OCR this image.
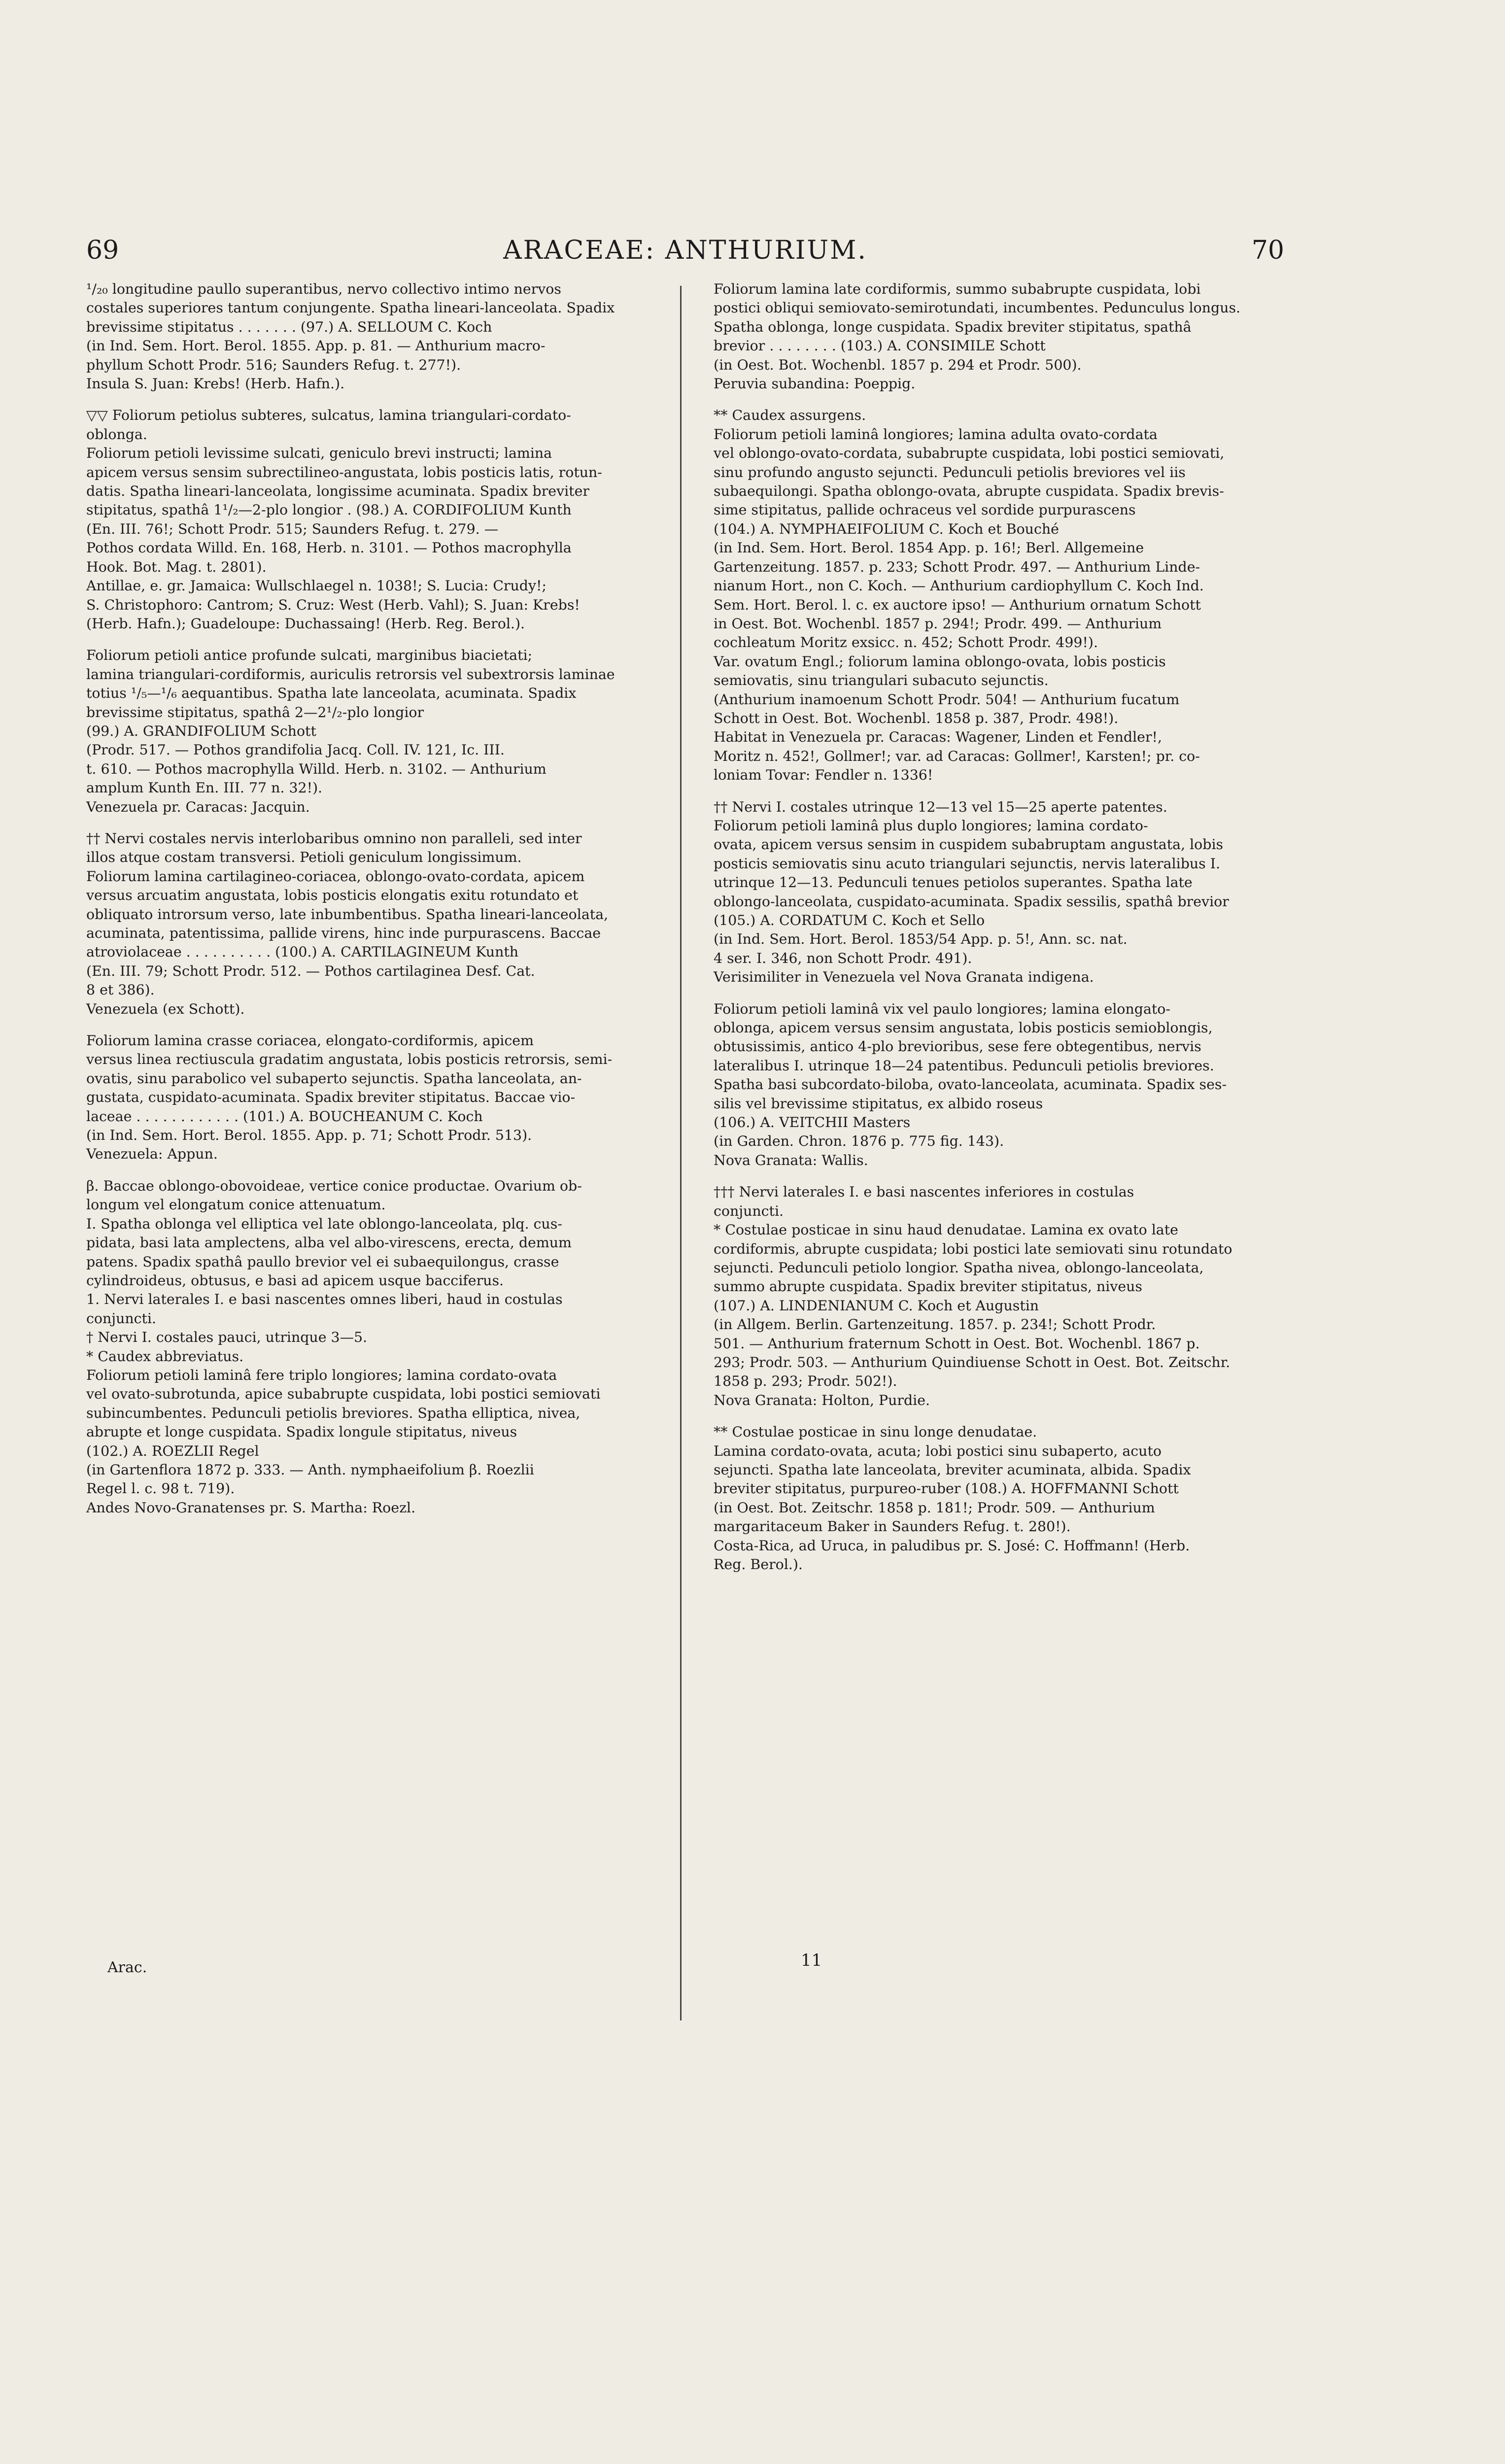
69	ARACEAE: ANTHURIUM.	70
¹/₂₀ longitudine paullo superantibus, nervo collectivo intimo nervos
costales superiores tantum conjungente. Spatha lineari-lanceolata. Spadix
brevissime stipitatus . . . . . . . (97.) A. SELLOUM C. Koch
(in Ind. Sem. Hort. Berol. 1855. App. p. 81. — Anthurium macro-
phyllum Schott Prodr. 516; Saunders Refug. t. 277!).
Insula S. Juan: Krebs! (Herb. Hafn.).
▽▽ Foliorum petiolus subteres, sulcatus, lamina triangulari-cordato-
oblonga.
Foliorum petioli levissime sulcati, geniculo brevi instructi; lamina
apicem versus sensim subrectilineo-angustata, lobis posticis latis, rotun-
datis. Spatha lineari-lanceolata, longissime acuminata. Spadix breviter
stipitatus, spathâ 1¹/₂—2-plo longior . (98.) A. CORDIFOLIUM Kunth
(En. III. 76!; Schott Prodr. 515; Saunders Refug. t. 279. —
Pothos cordata Willd. En. 168, Herb. n. 3101. — Pothos macrophylla
Hook. Bot. Mag. t. 2801).
Antillae, e. gr. Jamaica: Wullschlaegel n. 1038!; S. Lucia: Crudy!;
S. Christophoro: Cantrom; S. Cruz: West (Herb. Vahl); S. Juan: Krebs!
(Herb. Hafn.); Guadeloupe: Duchassaing! (Herb. Reg. Berol.).
Foliorum petioli antice profunde sulcati, marginibus biacietati;
lamina triangulari-cordiformis, auriculis retrorsis vel subextrorsis laminae
totius ¹/₅—¹/₆ aequantibus. Spatha late lanceolata, acuminata. Spadix
brevissime stipitatus, spathâ 2—2¹/₂-plo longior
(99.) A. GRANDIFOLIUM Schott
(Prodr. 517. — Pothos grandifolia Jacq. Coll. IV. 121, Ic. III.
t. 610. — Pothos macrophylla Willd. Herb. n. 3102. — Anthurium
amplum Kunth En. III. 77 n. 32!).
Venezuela pr. Caracas: Jacquin.
†† Nervi costales nervis interlobaribus omnino non paralleli, sed inter
illos atque costam transversi. Petioli geniculum longissimum.
Foliorum lamina cartilagineo-coriacea, oblongo-ovato-cordata, apicem
versus arcuatim angustata, lobis posticis elongatis exitu rotundato et
obliquato introrsum verso, late inbumbentibus. Spatha lineari-lanceolata,
acuminata, patentissima, pallide virens, hinc inde purpurascens. Baccae
atroviolaceae . . . . . . . . . . (100.) A. CARTILAGINEUM Kunth
(En. III. 79; Schott Prodr. 512. — Pothos cartilaginea Desf. Cat.
8 et 386).
Venezuela (ex Schott).
Foliorum lamina crasse coriacea, elongato-cordiformis, apicem
versus linea rectiuscula gradatim angustata, lobis posticis retrorsis, semi-
ovatis, sinu parabolico vel subaperto sejunctis. Spatha lanceolata, an-
gustata, cuspidato-acuminata. Spadix breviter stipitatus. Baccae vio-
laceae . . . . . . . . . . . . (101.) A. BOUCHEANUM C. Koch
(in Ind. Sem. Hort. Berol. 1855. App. p. 71; Schott Prodr. 513).
Venezuela: Appun.
β. Baccae oblongo-obovoideae, vertice conice productae. Ovarium ob-
longum vel elongatum conice attenuatum.
I. Spatha oblonga vel elliptica vel late oblongo-lanceolata, plq. cus-
pidata, basi lata amplectens, alba vel albo-virescens, erecta, demum
patens. Spadix spathâ paullo brevior vel ei subaequilongus, crasse
cylindroideus, obtusus, e basi ad apicem usque bacciferus.
1. Nervi laterales I. e basi nascentes omnes liberi, haud in costulas
conjuncti.
† Nervi I. costales pauci, utrinque 3—5.
* Caudex abbreviatus.
Foliorum petioli laminâ fere triplo longiores; lamina cordato-ovata
vel ovato-subrotunda, apice subabrupte cuspidata, lobi postici semiovati
subincumbentes. Pedunculi petiolis breviores. Spatha elliptica, nivea,
abrupte et longe cuspidata. Spadix longule stipitatus, niveus
(102.) A. ROEZLII Regel
(in Gartenflora 1872 p. 333. — Anth. nymphaeifolium β. Roezlii
Regel l. c. 98 t. 719).
Andes Novo-Granatenses pr. S. Martha: Roezl.
Foliorum lamina late cordiformis, summo subabrupte cuspidata, lobi
postici obliqui semiovato-semirotundati, incumbentes. Pedunculus longus.
Spatha oblonga, longe cuspidata. Spadix breviter stipitatus, spathâ
brevior . . . . . . . . (103.) A. CONSIMILE Schott
(in Oest. Bot. Wochenbl. 1857 p. 294 et Prodr. 500).
Peruvia subandina: Poeppig.
** Caudex assurgens.
Foliorum petioli laminâ longiores; lamina adulta ovato-cordata
vel oblongo-ovato-cordata, subabrupte cuspidata, lobi postici semiovati,
sinu profundo angusto sejuncti. Pedunculi petiolis breviores vel iis
subaequilongi. Spatha oblongo-ovata, abrupte cuspidata. Spadix brevis-
sime stipitatus, pallide ochraceus vel sordide purpurascens
(104.) A. NYMPHAEIFOLIUM C. Koch et Bouché
(in Ind. Sem. Hort. Berol. 1854 App. p. 16!; Berl. Allgemeine
Gartenzeitung. 1857. p. 233; Schott Prodr. 497. — Anthurium Linde-
nianum Hort., non C. Koch. — Anthurium cardiophyllum C. Koch Ind.
Sem. Hort. Berol. l. c. ex auctore ipso! — Anthurium ornatum Schott
in Oest. Bot. Wochenbl. 1857 p. 294!; Prodr. 499. — Anthurium
cochleatum Moritz exsicc. n. 452; Schott Prodr. 499!).
Var. ovatum Engl.; foliorum lamina oblongo-ovata, lobis posticis
semiovatis, sinu triangulari subacuto sejunctis.
(Anthurium inamoenum Schott Prodr. 504! — Anthurium fucatum
Schott in Oest. Bot. Wochenbl. 1858 p. 387, Prodr. 498!).
Habitat in Venezuela pr. Caracas: Wagener, Linden et Fendler!,
Moritz n. 452!, Gollmer!; var. ad Caracas: Gollmer!, Karsten!; pr. co-
loniam Tovar: Fendler n. 1336!
†† Nervi I. costales utrinque 12—13 vel 15—25 aperte patentes.
Foliorum petioli laminâ plus duplo longiores; lamina cordato-
ovata, apicem versus sensim in cuspidem subabruptam angustata, lobis
posticis semiovatis sinu acuto triangulari sejunctis, nervis lateralibus I.
utrinque 12—13. Pedunculi tenues petiolos superantes. Spatha late
oblongo-lanceolata, cuspidato-acuminata. Spadix sessilis, spathâ brevior
(105.) A. CORDATUM C. Koch et Sello
(in Ind. Sem. Hort. Berol. 1853/54 App. p. 5!, Ann. sc. nat.
4 ser. I. 346, non Schott Prodr. 491).
Verisimiliter in Venezuela vel Nova Granata indigena.
Foliorum petioli laminâ vix vel paulo longiores; lamina elongato-
oblonga, apicem versus sensim angustata, lobis posticis semioblongis,
obtusissimis, antico 4-plo brevioribus, sese fere obtegentibus, nervis
lateralibus I. utrinque 18—24 patentibus. Pedunculi petiolis breviores.
Spatha basi subcordato-biloba, ovato-lanceolata, acuminata. Spadix ses-
silis vel brevissime stipitatus, ex albido roseus
(106.) A. VEITCHII Masters
(in Garden. Chron. 1876 p. 775 fig. 143).
Nova Granata: Wallis.
††† Nervi laterales I. e basi nascentes inferiores in costulas
conjuncti.
* Costulae posticae in sinu haud denudatae. Lamina ex ovato late
cordiformis, abrupte cuspidata; lobi postici late semiovati sinu rotundato
sejuncti. Pedunculi petiolo longior. Spatha nivea, oblongo-lanceolata,
summo abrupte cuspidata. Spadix breviter stipitatus, niveus
(107.) A. LINDENIANUM C. Koch et Augustin
(in Allgem. Berlin. Gartenzeitung. 1857. p. 234!; Schott Prodr.
501. — Anthurium fraternum Schott in Oest. Bot. Wochenbl. 1867 p.
293; Prodr. 503. — Anthurium Quindiuense Schott in Oest. Bot. Zeitschr.
1858 p. 293; Prodr. 502!).
Nova Granata: Holton, Purdie.
** Costulae posticae in sinu longe denudatae.
Lamina cordato-ovata, acuta; lobi postici sinu subaperto, acuto
sejuncti. Spatha late lanceolata, breviter acuminata, albida. Spadix
breviter stipitatus, purpureo-ruber (108.) A. HOFFMANNI Schott
(in Oest. Bot. Zeitschr. 1858 p. 181!; Prodr. 509. — Anthurium
margaritaceum Baker in Saunders Refug. t. 280!).
Costa-Rica, ad Uruca, in paludibus pr. S. José: C. Hoffmann! (Herb.
Reg. Berol.).
Arac.	11
